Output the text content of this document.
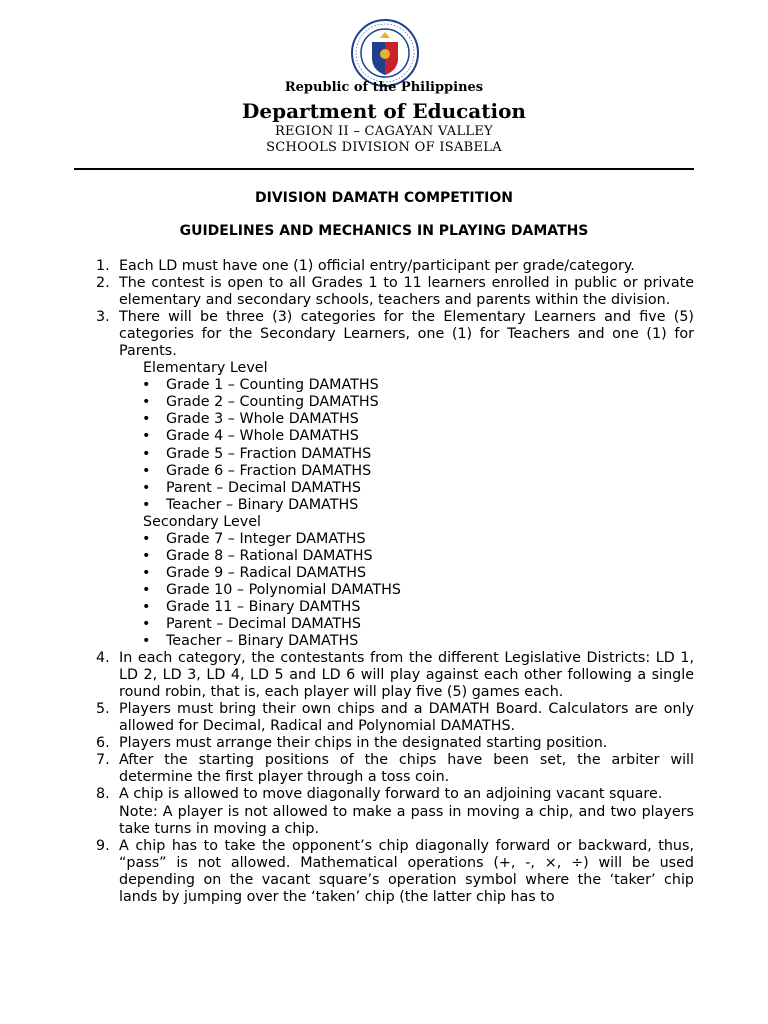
Republic of the Philippines
Department of Education
REGION II – CAGAYAN VALLEY
SCHOOLS DIVISION OF ISABELA
DIVISION DAMATH COMPETITION
GUIDELINES AND MECHANICS IN PLAYING DAMATHS
1. Each LD must have one (1) official entry/participant per grade/category.
2. The contest is open to all Grades 1 to 11 learners enrolled in public or private elementary and secondary schools, teachers and parents within the division.
3. There will be three (3) categories for the Elementary Learners and five (5) categories for the Secondary Learners, one (1) for Teachers and one (1) for Parents.
Elementary Level
• Grade 1 – Counting DAMATHS
• Grade 2 – Counting DAMATHS
• Grade 3 – Whole DAMATHS
• Grade 4 – Whole DAMATHS
• Grade 5 – Fraction DAMATHS
• Grade 6 – Fraction DAMATHS
• Parent – Decimal DAMATHS
• Teacher – Binary DAMATHS
Secondary Level
• Grade 7 – Integer DAMATHS
• Grade 8 – Rational DAMATHS
• Grade 9 – Radical DAMATHS
• Grade 10 – Polynomial DAMATHS
• Grade 11 – Binary DAMTHS
• Parent – Decimal DAMATHS
• Teacher – Binary DAMATHS
4. In each category, the contestants from the different Legislative Districts: LD 1, LD 2, LD 3, LD 4, LD 5 and LD 6 will play against each other following a single round robin, that is, each player will play five (5) games each.
5. Players must bring their own chips and a DAMATH Board. Calculators are only allowed for Decimal, Radical and Polynomial DAMATHS.
6. Players must arrange their chips in the designated starting position.
7. After the starting positions of the chips have been set, the arbiter will determine the first player through a toss coin.
8. A chip is allowed to move diagonally forward to an adjoining vacant square.
Note: A player is not allowed to make a pass in moving a chip, and two players take turns in moving a chip.
9. A chip has to take the opponent’s chip diagonally forward or backward, thus, “pass” is not allowed. Mathematical operations (+, -, ×, ÷) will be used depending on the vacant square’s operation symbol where the ‘taker’ chip lands by jumping over the ‘taken’ chip (the latter chip has to
